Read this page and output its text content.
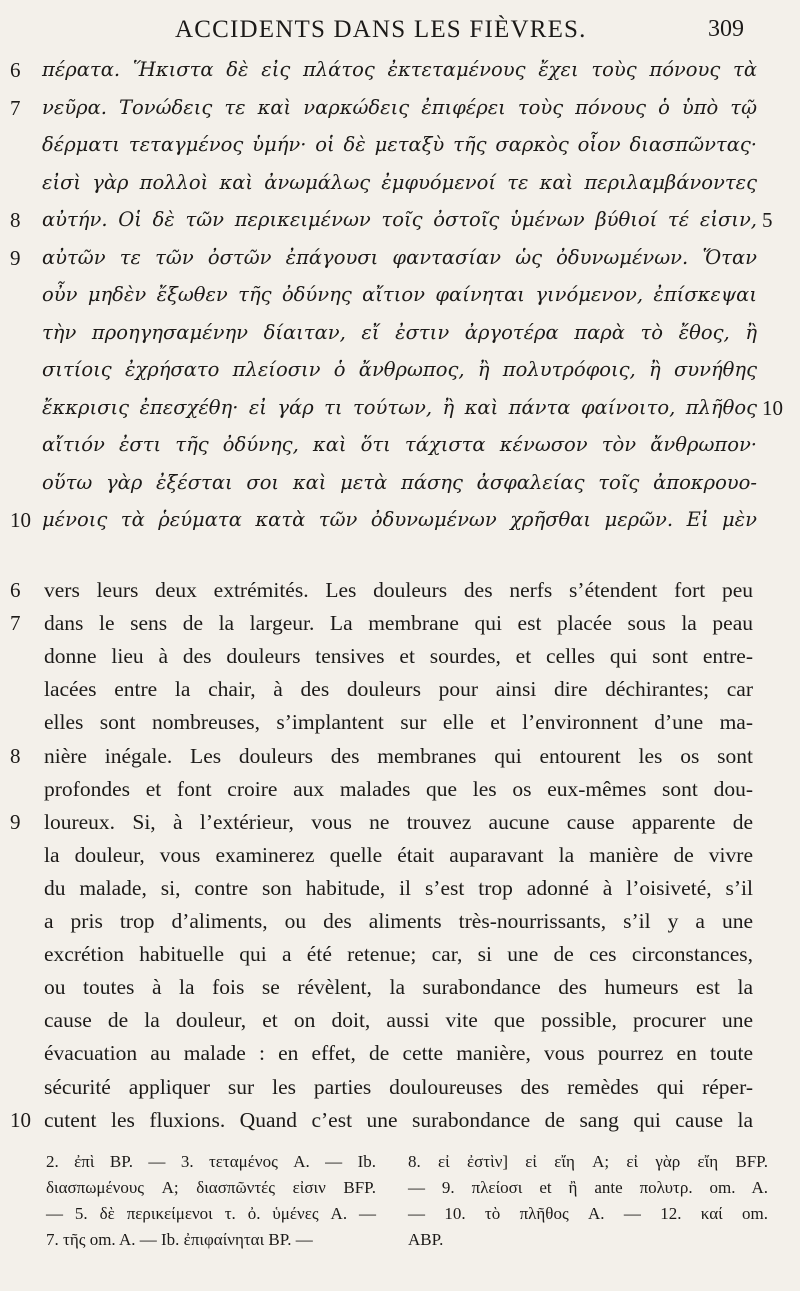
ACCIDENTS DANS LES FIÈVRES.	309
6	πέρατα. Ἥκιστα δὲ εἰς πλάτος ἐκτεταμένους ἔχει τοὺς πόνους τὰ
7	νεῦρα. Τονώδεις τε καὶ ναρκώδεις ἐπιφέρει τοὺς πόνους ὁ ὑπὸ τῷ
δέρματι τεταγμένος ὑμήν· οἱ δὲ μεταξὺ τῆς σαρκὸς οἷον διασπῶντας·
εἰσὶ γὰρ πολλοὶ καὶ ἀνωμάλως ἐμφυόμενοί τε καὶ περιλαμβάνοντες
8	αὐτήν. Οἱ δὲ τῶν περικειμένων τοῖς ὀστοῖς ὑμένων βύθιοί τέ εἰσιν, 5
9	αὐτῶν τε τῶν ὀστῶν ἐπάγουσι φαντασίαν ὡς ὀδυνωμένων. Ὅταν
οὖν μηδὲν ἔξωθεν τῆς ὀδύνης αἴτιον φαίνηται γινόμενον, ἐπίσκεψαι
τὴν προηγησαμένην δίαιταν, εἴ ἐστιν ἀργοτέρα παρὰ τὸ ἔθος, ἢ
σιτίοις ἐχρήσατο πλείοσιν ὁ ἄνθρωπος, ἢ πολυτρόφοις, ἢ συνήθης
ἔκκρισις ἐπεσχέθη· εἰ γάρ τι τούτων, ἢ καὶ πάντα φαίνοιτο, πλῆθος 10
αἴτιόν ἐστι τῆς ὀδύνης, καὶ ὅτι τάχιστα κένωσον τὸν ἄνθρωπον·
οὕτω γὰρ ἐξέσται σοι καὶ μετὰ πάσης ἀσφαλείας τοῖς ἀποκρουο-
10 μένοις τὰ ῥεύματα κατὰ τῶν ὀδυνωμένων χρῆσθαι μερῶν. Εἰ μὲν
6	vers leurs deux extrémités. Les douleurs des nerfs s’étendent fort peu
7	dans le sens de la largeur. La membrane qui est placée sous la peau
donne lieu à des douleurs tensives et sourdes, et celles qui sont entre-
lacées entre la chair, à des douleurs pour ainsi dire déchirantes; car
elles sont nombreuses, s’implantent sur elle et l’environnent d’une ma-
8	nière inégale. Les douleurs des membranes qui entourent les os sont
profondes et font croire aux malades que les os eux-mêmes sont dou-
9	loureux. Si, à l’extérieur, vous ne trouvez aucune cause apparente de
la douleur, vous examinerez quelle était auparavant la manière de vivre
du malade, si, contre son habitude, il s’est trop adonné à l’oisiveté, s’il
a pris trop d’aliments, ou des aliments très-nourrissants, s’il y a une
excrétion habituelle qui a été retenue; car, si une de ces circonstances,
ou toutes à la fois se révèlent, la surabondance des humeurs est la
cause de la douleur, et on doit, aussi vite que possible, procurer une
évacuation au malade : en effet, de cette manière, vous pourrez en toute
sécurité appliquer sur les parties douloureuses des remèdes qui réper-
10 cutent les fluxions. Quand c’est une surabondance de sang qui cause la
2. ἐπὶ BP. — 3. τεταμένος A. — Ib.
διασπωμένους A; διασπῶντές εἰσιν BFP.
— 5. δὲ περικείμενοι τ. ὀ. ὑμένες A. —
7. τῆς om. A. — Ib. ἐπιφαίνηται BP. —
8. εἰ ἐστὶν] εἰ εἴη A; εἰ γὰρ εἴη BFP.
— 9. πλείοσι et ἢ ante πολυτρ. om. A.
— 10. τὸ πλῆθος A. — 12. καί om.
ABP.
